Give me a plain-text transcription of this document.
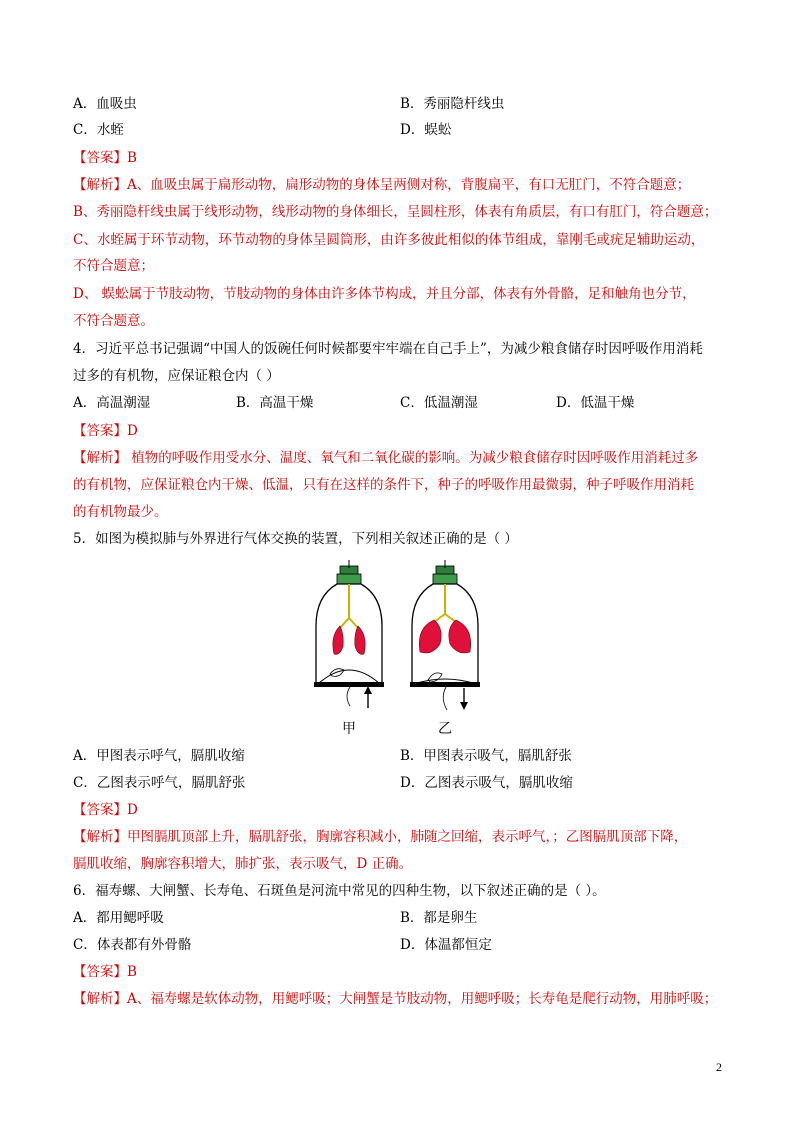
A．血吸虫	B．秀丽隐杆线虫
C．水蛭	D．蜈蚣
【答案】B
【解析】A、血吸虫属于扁形动物，扁形动物的身体呈两侧对称，背腹扁平，有口无肛门，不符合题意；
B、秀丽隐杆线虫属于线形动物，线形动物的身体细长，呈圆柱形，体表有角质层，有口有肛门，符合题意；
C、水蛭属于环节动物，环节动物的身体呈圆筒形，由许多彼此相似的体节组成，靠刚毛或疣足辅助运动，
不符合题意；
D、 蜈蚣属于节肢动物，节肢动物的身体由许多体节构成，并且分部，体表有外骨骼，足和触角也分节，
不符合题意。
4．习近平总书记强调“中国人的饭碗任何时候都要牢牢端在自己手上”，为减少粮食储存时因呼吸作用消耗
过多的有机物，应保证粮仓内（ ）
A．高温潮湿	B．高温干燥	C．低温潮湿	D．低温干燥
【答案】D
【解析】 植物的呼吸作用受水分、温度、氧气和二氧化碳的影响。为减少粮食储存时因呼吸作用消耗过多
的有机物，应保证粮仓内干燥、低温，只有在这样的条件下，种子的呼吸作用最微弱，种子呼吸作用消耗
的有机物最少。
5．如图为模拟肺与外界进行气体交换的装置，下列相关叙述正确的是（ ）
甲	乙
A．甲图表示呼气，膈肌收缩	B．甲图表示吸气，膈肌舒张
C．乙图表示呼气，膈肌舒张	D．乙图表示吸气，膈肌收缩
【答案】D
【解析】甲图膈肌顶部上升，膈肌舒张，胸廓容积减小，肺随之回缩，表示呼气，；乙图膈肌顶部下降，
膈肌收缩，胸廓容积增大，肺扩张，表示吸气，D 正确。
6．福寿螺、大闸蟹、长寿龟、石斑鱼是河流中常见的四种生物，以下叙述正确的是（ ）。
A．都用鳃呼吸	B．都是卵生
C．体表都有外骨骼	D．体温都恒定
【答案】B
【解析】A、福寿螺是软体动物，用鳃呼吸；大闸蟹是节肢动物，用鳃呼吸；长寿龟是爬行动物，用肺呼吸；
2
